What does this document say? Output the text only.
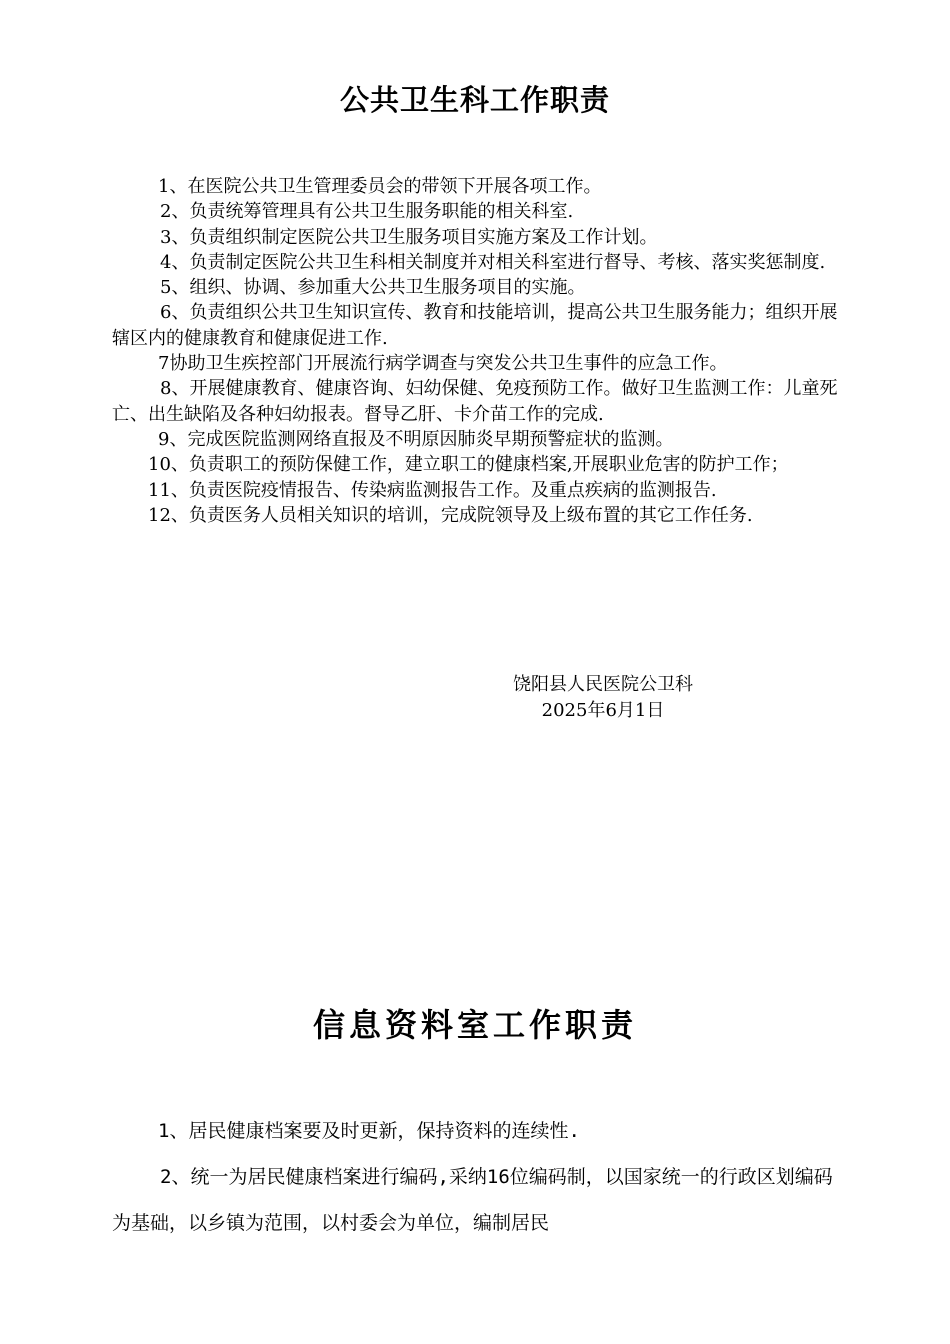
公共卫生科工作职责

1、在医院公共卫生管理委员会的带领下开展各项工作。

2、负责统筹管理具有公共卫生服务职能的相关科室.

3、负责组织制定医院公共卫生服务项目实施方案及工作计划。

4、负责制定医院公共卫生科相关制度并对相关科室进行督导、考核、落实奖惩制度.

5、组织、协调、参加重大公共卫生服务项目的实施。

6、负责组织公共卫生知识宣传、教育和技能培训，提高公共卫生服务能力；组织开展辖区内的健康教育和健康促进工作.

7协助卫生疾控部门开展流行病学调查与突发公共卫生事件的应急工作。

8、开展健康教育、健康咨询、妇幼保健、免疫预防工作。做好卫生监测工作：儿童死亡、出生缺陷及各种妇幼报表。督导乙肝、卡介苗工作的完成.

9、完成医院监测网络直报及不明原因肺炎早期预警症状的监测。

10、负责职工的预防保健工作，建立职工的健康档案,开展职业危害的防护工作；

11、负责医院疫情报告、传染病监测报告工作。及重点疾病的监测报告.

12、负责医务人员相关知识的培训，完成院领导及上级布置的其它工作任务.

饶阳县人民医院公卫科
2025年6月1日
信息资料室工作职责

1、居民健康档案要及时更新，保持资料的连续性.

2、统一为居民健康档案进行编码,采纳16位编码制，以国家统一的行政区划编码为基础，以乡镇为范围，以村委会为单位，编制居民
